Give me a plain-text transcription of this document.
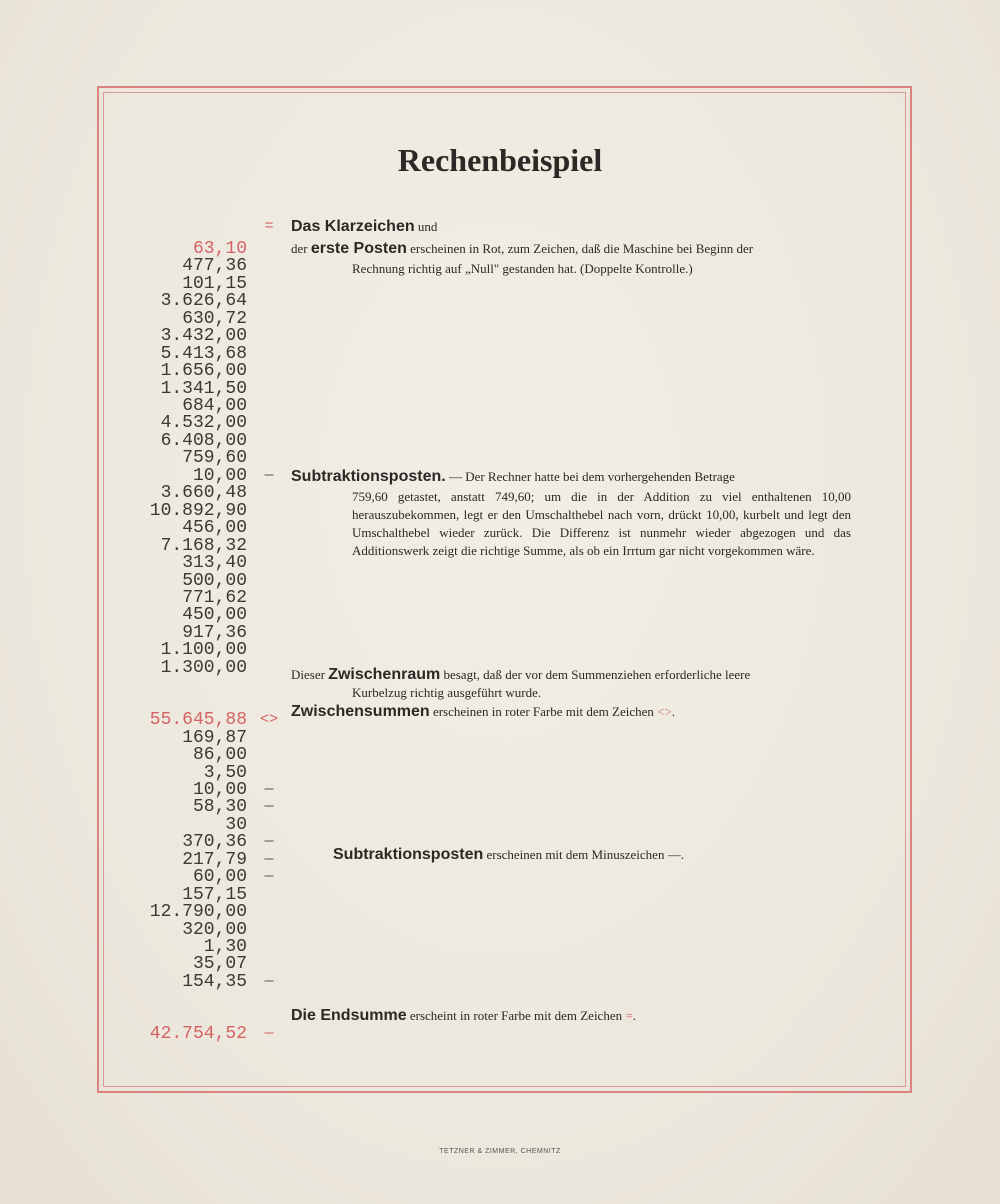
Rechenbeispiel
63,10
477,36
101,15
3.626,64
630,72
3.432,00
5.413,68
1.656,00
1.341,50
684,00
4.532,00
6.408,00
759,60
10,00	—
3.660,48
10.892,90
456,00
7.168,32
313,40
500,00
771,62
450,00
917,36
1.100,00
1.300,00
55.645,88 <>
169,87
86,00
3,50
10,00	—
58,30	—
30
370,36	—
217,79	—
60,00	—
157,15
12.790,00
320,00
1,30
35,07
154,35	—
42.754,52	—
=	Das Klarzeichen und
der erste Posten erscheinen in Rot, zum Zeichen, daß die Maschine bei Beginn der
Rechnung richtig auf „Null" gestanden hat. (Doppelte Kontrolle.)
Subtraktionsposten. — Der Rechner hatte bei dem vorhergehenden Betrage
759,60 getastet, anstatt 749,60; um die in der Addition zu viel enthaltenen 10,00 herauszubekommen, legt er den Umschalthebel nach vorn, drückt 10,00, kurbelt und legt den Umschalthebel wieder zurück. Die Differenz ist nunmehr wieder abgezogen und das Additionswerk zeigt die richtige Summe, als ob ein Irrtum gar nicht vorgekommen wäre.
Dieser Zwischenraum besagt, daß der vor dem Summenziehen erforderliche leere
Kurbelzug richtig ausgeführt wurde.
Zwischensummen erscheinen in roter Farbe mit dem Zeichen <>.
Subtraktionsposten erscheinen mit dem Minuszeichen —.
Die Endsumme erscheint in roter Farbe mit dem Zeichen =.
TETZNER & ZIMMER, CHEMNITZ
